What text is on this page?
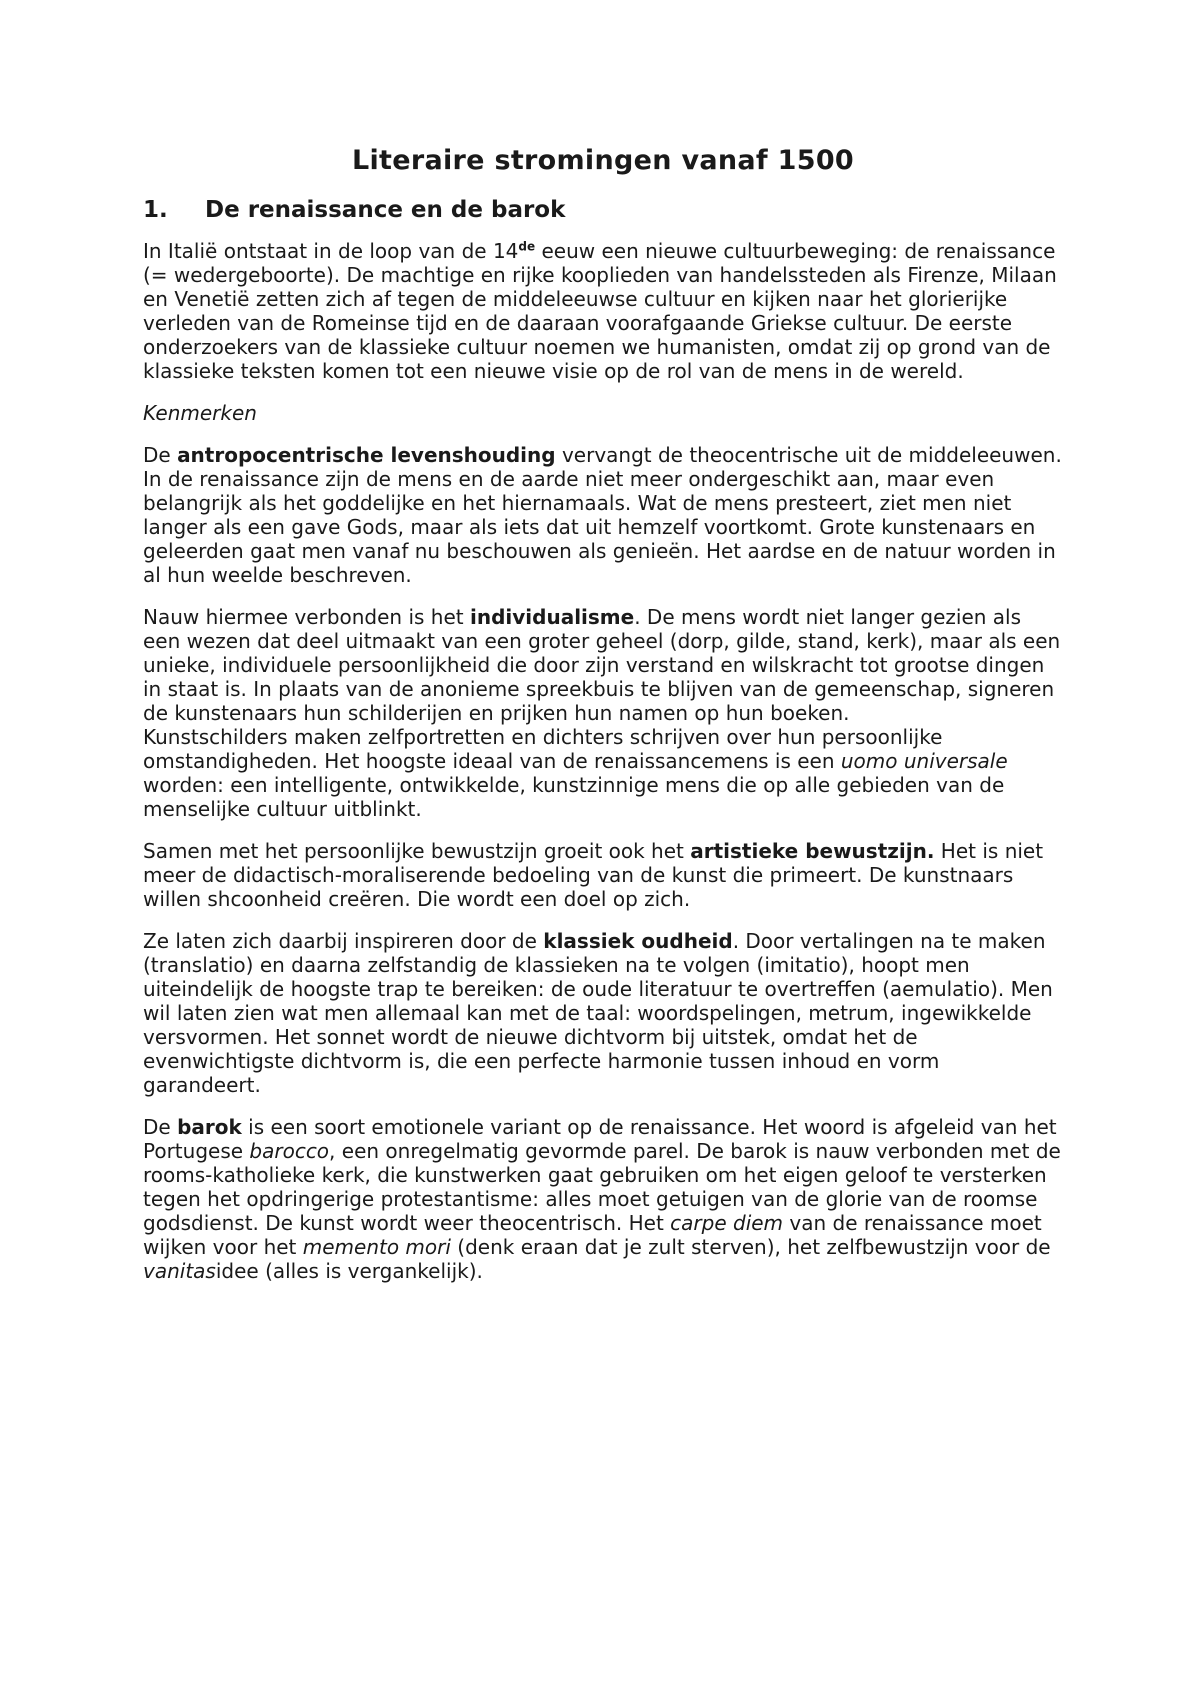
Literaire stromingen vanaf 1500
1. De renaissance en de barok

In Italië ontstaat in de loop van de 14de eeuw een nieuwe cultuurbeweging: de renaissance (= wedergeboorte). De machtige en rijke kooplieden van handelssteden als Firenze, Milaan en Venetië zetten zich af tegen de middeleeuwse cultuur en kijken naar het glorierijke verleden van de Romeinse tijd en de daaraan voorafgaande Griekse cultuur. De eerste onderzoekers van de klassieke cultuur noemen we humanisten, omdat zij op grond van de klassieke teksten komen tot een nieuwe visie op de rol van de mens in de wereld.

Kenmerken

De antropocentrische levenshouding vervangt de theocentrische uit de middeleeuwen. In de renaissance zijn de mens en de aarde niet meer ondergeschikt aan, maar even belangrijk als het goddelijke en het hiernamaals. Wat de mens presteert, ziet men niet langer als een gave Gods, maar als iets dat uit hemzelf voortkomt. Grote kunstenaars en geleerden gaat men vanaf nu beschouwen als genieën. Het aardse en de natuur worden in al hun weelde beschreven.

Nauw hiermee verbonden is het individualisme. De mens wordt niet langer gezien als een wezen dat deel uitmaakt van een groter geheel (dorp, gilde, stand, kerk), maar als een unieke, individuele persoonlijkheid die door zijn verstand en wilskracht tot grootse dingen in staat is. In plaats van de anonieme spreekbuis te blijven van de gemeenschap, signeren de kunstenaars hun schilderijen en prijken hun namen op hun boeken.

Kunstschilders maken zelfportretten en dichters schrijven over hun persoonlijke omstandigheden. Het hoogste ideaal van de renaissancemens is een uomo universale worden: een intelligente, ontwikkelde, kunstzinnige mens die op alle gebieden van de menselijke cultuur uitblinkt.

Samen met het persoonlijke bewustzijn groeit ook het artistieke bewustzijn. Het is niet meer de didactisch-moraliserende bedoeling van de kunst die primeert. De kunstnaars willen shcoonheid creëren. Die wordt een doel op zich.

Ze laten zich daarbij inspireren door de klassiek oudheid. Door vertalingen na te maken (translatio) en daarna zelfstandig de klassieken na te volgen (imitatio), hoopt men uiteindelijk de hoogste trap te bereiken: de oude literatuur te overtreffen (aemulatio). Men wil laten zien wat men allemaal kan met de taal: woordspelingen, metrum, ingewikkelde versvormen. Het sonnet wordt de nieuwe dichtvorm bij uitstek, omdat het de evenwichtigste dichtvorm is, die een perfecte harmonie tussen inhoud en vorm garandeert.

De barok is een soort emotionele variant op de renaissance. Het woord is afgeleid van het Portugese barocco, een onregelmatig gevormde parel. De barok is nauw verbonden met de rooms-katholieke kerk, die kunstwerken gaat gebruiken om het eigen geloof te versterken tegen het opdringerige protestantisme: alles moet getuigen van de glorie van de roomse godsdienst. De kunst wordt weer theocentrisch. Het carpe diem van de renaissance moet wijken voor het memento mori (denk eraan dat je zult sterven), het zelfbewustzijn voor de vanitasidee (alles is vergankelijk).
